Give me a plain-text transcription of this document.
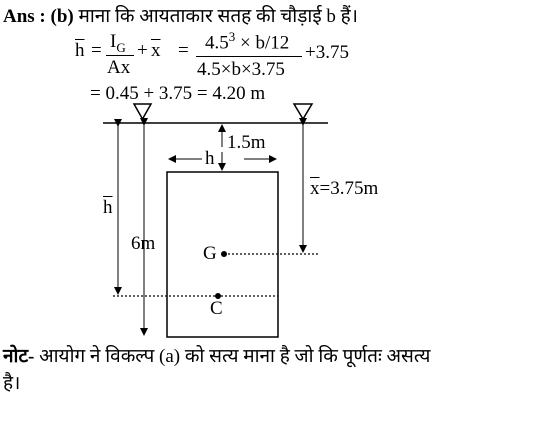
Ans : (b) माना कि आयताकार सतह की चौड़ाई b हैं।
$\overline{h} = I_G$
Ax
+ $\overline{x} = 4.5^3 \times b/12$
4.5×b×3.75
+3.75
= 0.45 + 3.75 = 4.20 m
h
1.5m
$\overline{h}$
6m
$\overline{x}=3.75m$
G
C
नोट- आयोग ने विकल्प (a) को सत्य माना है जो कि पूर्णतः असत्य
है।
